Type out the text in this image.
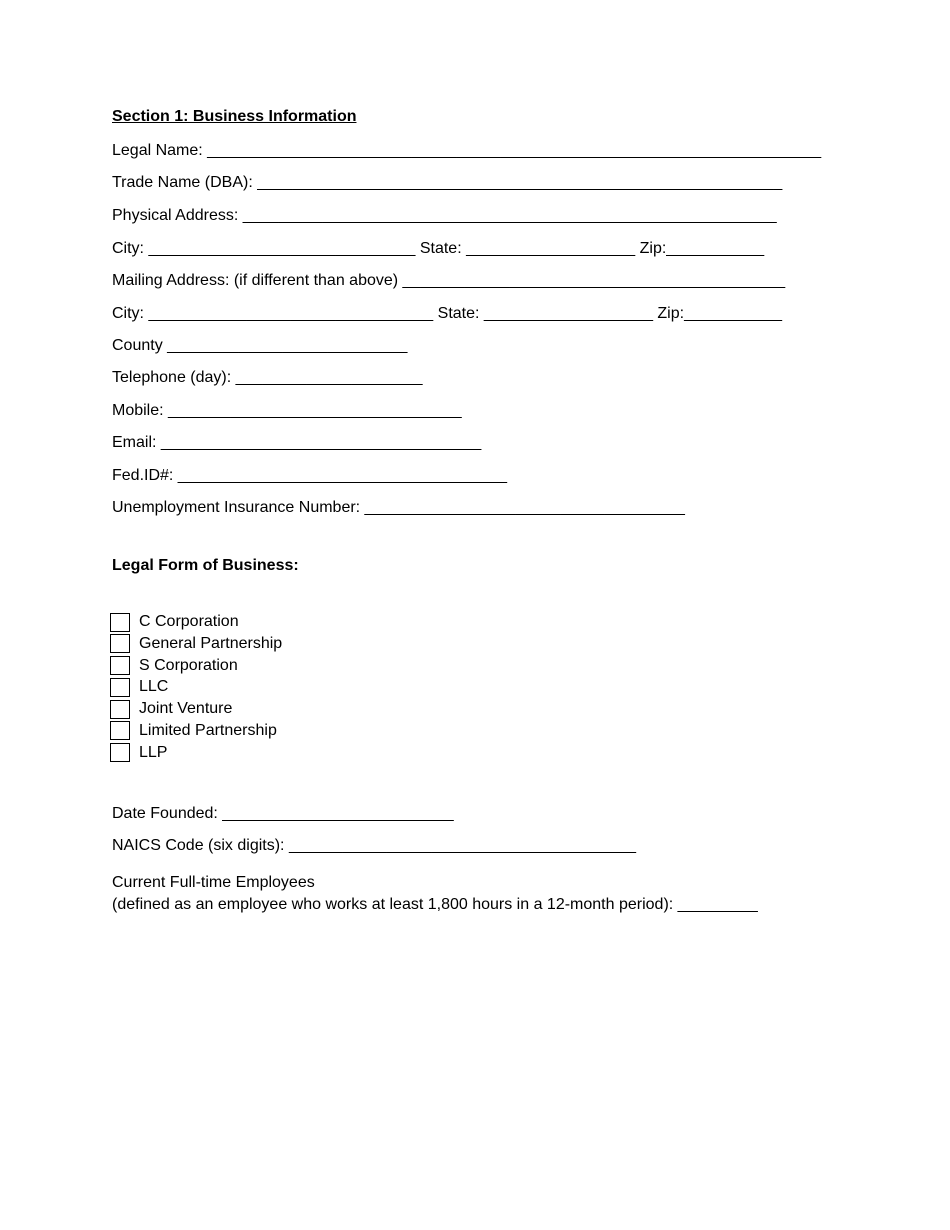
Section 1: Business Information
Legal Name: _____________________________________________________________________
Trade Name (DBA): ___________________________________________________________
Physical Address: ____________________________________________________________
City: ______________________________ State: ___________________ Zip:___________
Mailing Address: (if different than above) ___________________________________________
City: ________________________________ State: ___________________ Zip:___________
County ___________________________
Telephone (day): _____________________
Mobile: _________________________________
Email: ____________________________________
Fed.ID#: _____________________________________
Unemployment Insurance Number: ____________________________________
Legal Form of Business:
C Corporation
General Partnership
S Corporation
LLC
Joint Venture
Limited Partnership
LLP
Date Founded: __________________________
NAICS Code (six digits): _______________________________________
Current Full-time Employees
(defined as an employee who works at least 1,800 hours in a 12-month period): _________
